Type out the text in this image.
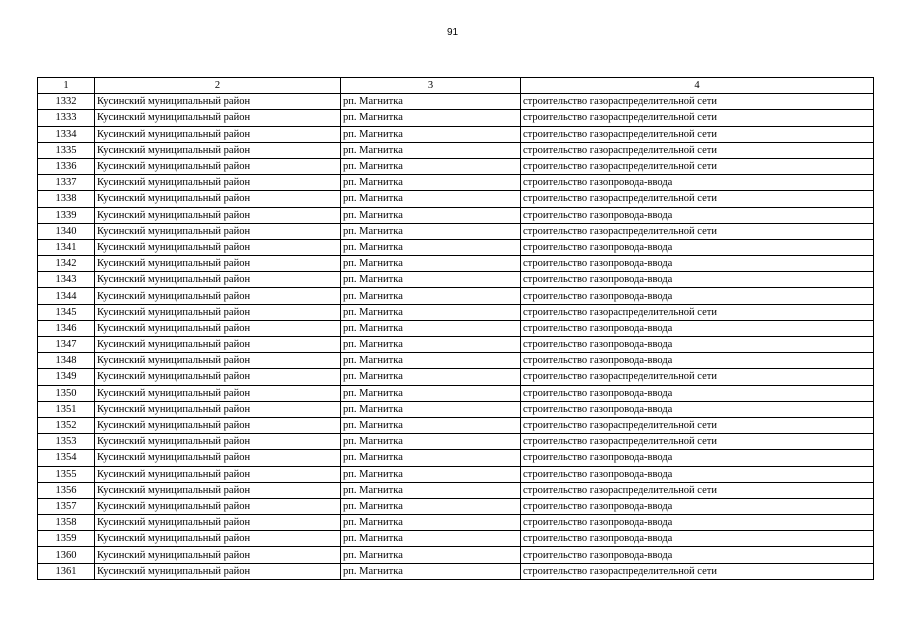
91
1	2	3	4
1332	Кусинский муниципальный район	рп. Магнитка	строительство газораспределительной сети
1333	Кусинский муниципальный район	рп. Магнитка	строительство газораспределительной сети
1334	Кусинский муниципальный район	рп. Магнитка	строительство газораспределительной сети
1335	Кусинский муниципальный район	рп. Магнитка	строительство газораспределительной сети
1336	Кусинский муниципальный район	рп. Магнитка	строительство газораспределительной сети
1337	Кусинский муниципальный район	рп. Магнитка	строительство газопровода-ввода
1338	Кусинский муниципальный район	рп. Магнитка	строительство газораспределительной сети
1339	Кусинский муниципальный район	рп. Магнитка	строительство газопровода-ввода
1340	Кусинский муниципальный район	рп. Магнитка	строительство газораспределительной сети
1341	Кусинский муниципальный район	рп. Магнитка	строительство газопровода-ввода
1342	Кусинский муниципальный район	рп. Магнитка	строительство газопровода-ввода
1343	Кусинский муниципальный район	рп. Магнитка	строительство газопровода-ввода
1344	Кусинский муниципальный район	рп. Магнитка	строительство газопровода-ввода
1345	Кусинский муниципальный район	рп. Магнитка	строительство газораспределительной сети
1346	Кусинский муниципальный район	рп. Магнитка	строительство газопровода-ввода
1347	Кусинский муниципальный район	рп. Магнитка	строительство газопровода-ввода
1348	Кусинский муниципальный район	рп. Магнитка	строительство газопровода-ввода
1349	Кусинский муниципальный район	рп. Магнитка	строительство газораспределительной сети
1350	Кусинский муниципальный район	рп. Магнитка	строительство газопровода-ввода
1351	Кусинский муниципальный район	рп. Магнитка	строительство газопровода-ввода
1352	Кусинский муниципальный район	рп. Магнитка	строительство газораспределительной сети
1353	Кусинский муниципальный район	рп. Магнитка	строительство газораспределительной сети
1354	Кусинский муниципальный район	рп. Магнитка	строительство газопровода-ввода
1355	Кусинский муниципальный район	рп. Магнитка	строительство газопровода-ввода
1356	Кусинский муниципальный район	рп. Магнитка	строительство газораспределительной сети
1357	Кусинский муниципальный район	рп. Магнитка	строительство газопровода-ввода
1358	Кусинский муниципальный район	рп. Магнитка	строительство газопровода-ввода
1359	Кусинский муниципальный район	рп. Магнитка	строительство газопровода-ввода
1360	Кусинский муниципальный район	рп. Магнитка	строительство газопровода-ввода
1361	Кусинский муниципальный район	рп. Магнитка	строительство газораспределительной сети
